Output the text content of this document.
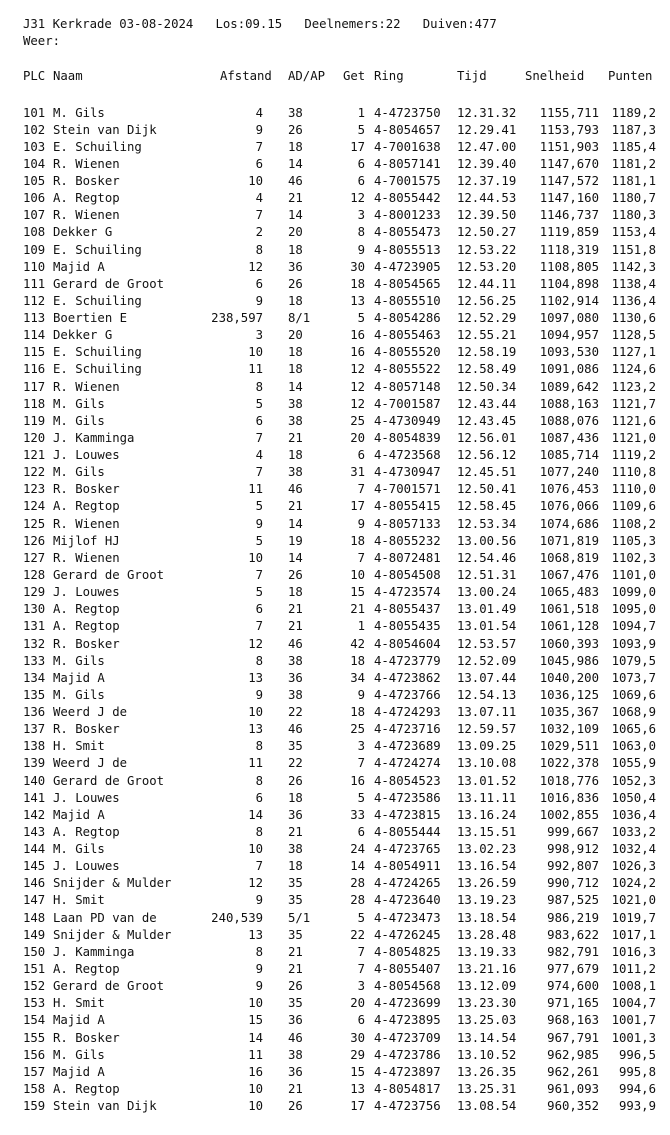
J31 Kerkrade 03-08-2024   Los:09.15   Deelnemers:22   Duiven:477
Weer:
PLC Naam	Afstand AD/AP Get Ring	Tijd	Snelheid Punten
101 M. Gils	4 38	1 4-4723750 12.31.32 1155,711 1189,2
102 Stein van Dijk	9 26	5 4-8054657 12.29.41 1153,793 1187,3
103 E. Schuiling	7 18	17 4-7001638 12.47.00 1151,903 1185,4
104 R. Wienen	6 14	6 4-8057141 12.39.40 1147,670 1181,2
105 R. Bosker	10 46	6 4-7001575 12.37.19 1147,572 1181,1
106 A. Regtop	4 21	12 4-8055442 12.44.53 1147,160 1180,7
107 R. Wienen	7 14	3 4-8001233 12.39.50 1146,737 1180,3
108 Dekker G	2 20	8 4-8055473 12.50.27 1119,859 1153,4
109 E. Schuiling	8 18	9 4-8055513 12.53.22 1118,319 1151,8
110 Majid A	12 36	30 4-4723905 12.53.20 1108,805 1142,3
111 Gerard de Groot	6 26	18 4-8054565 12.44.11 1104,898 1138,4
112 E. Schuiling	9 18	13 4-8055510 12.56.25 1102,914 1136,4
113 Boertien E	238,597 8/1	5 4-8054286 12.52.29 1097,080 1130,6
114 Dekker G	3 20	16 4-8055463 12.55.21 1094,957 1128,5
115 E. Schuiling	10 18	16 4-8055520 12.58.19 1093,530 1127,1
116 E. Schuiling	11 18	12 4-8055522 12.58.49 1091,086 1124,6
117 R. Wienen	8 14	12 4-8057148 12.50.34 1089,642 1123,2
118 M. Gils	5 38	12 4-7001587 12.43.44 1088,163 1121,7
119 M. Gils	6 38	25 4-4730949 12.43.45 1088,076 1121,6
120 J. Kamminga	7 21	20 4-8054839 12.56.01 1087,436 1121,0
121 J. Louwes	4 18	6 4-4723568 12.56.12 1085,714 1119,2
122 M. Gils	7 38	31 4-4730947 12.45.51 1077,240 1110,8
123 R. Bosker	11 46	7 4-7001571 12.50.41 1076,453 1110,0
124 A. Regtop	5 21	17 4-8055415 12.58.45 1076,066 1109,6
125 R. Wienen	9 14	9 4-8057133 12.53.34 1074,686 1108,2
126 Mijlof HJ	5 19	18 4-8055232 13.00.56 1071,819 1105,3
127 R. Wienen	10 14	7 4-8072481 12.54.46 1068,819 1102,3
128 Gerard de Groot	7 26	10 4-8054508 12.51.31 1067,476 1101,0
129 J. Louwes	5 18	15 4-4723574 13.00.24 1065,483 1099,0
130 A. Regtop	6 21	21 4-8055437 13.01.49 1061,518 1095,0
131 A. Regtop	7 21	1 4-8055435 13.01.54 1061,128 1094,7
132 R. Bosker	12 46	42 4-8054604 12.53.57 1060,393 1093,9
133 M. Gils	8 38	18 4-4723779 12.52.09 1045,986 1079,5
134 Majid A	13 36	34 4-4723862 13.07.44 1040,200 1073,7
135 M. Gils	9 38	9 4-4723766 12.54.13 1036,125 1069,6
136 Weerd J de	10 22	18 4-4724293 13.07.11 1035,367 1068,9
137 R. Bosker	13 46	25 4-4723716 12.59.57 1032,109 1065,6
138 H. Smit	8 35	3 4-4723689 13.09.25 1029,511 1063,0
139 Weerd J de	11 22	7 4-4724274 13.10.08 1022,378 1055,9
140 Gerard de Groot	8 26	16 4-8054523 13.01.52 1018,776 1052,3
141 J. Louwes	6 18	5 4-4723586 13.11.11 1016,836 1050,4
142 Majid A	14 36	33 4-4723815 13.16.24 1002,855 1036,4
143 A. Regtop	8 21	6 4-8055444 13.15.51	999,667 1033,2
144 M. Gils	10 38	24 4-4723765 13.02.23	998,912 1032,4
145 J. Louwes	7 18	14 4-8054911 13.16.54	992,807 1026,3
146 Snijder & Mulder	12 35	28 4-4724265 13.26.59	990,712 1024,2
147 H. Smit	9 35	28 4-4723640 13.19.23	987,525 1021,0
148 Laan PD van de	240,539 5/1	5 4-4723473 13.18.54	986,219 1019,7
149 Snijder & Mulder	13 35	22 4-4726245 13.28.48	983,622 1017,1
150 J. Kamminga	8 21	7 4-8054825 13.19.33	982,791 1016,3
151 A. Regtop	9 21	7 4-8055407 13.21.16	977,679 1011,2
152 Gerard de Groot	9 26	3 4-8054568 13.12.09	974,600 1008,1
153 H. Smit	10 35	20 4-4723699 13.23.30	971,165 1004,7
154 Majid A	15 36	6 4-4723895 13.25.03	968,163 1001,7
155 R. Bosker	14 46	30 4-4723709 13.14.54	967,791 1001,3
156 M. Gils	11 38	29 4-4723786 13.10.52	962,985 996,5
157 Majid A	16 36	15 4-4723897 13.26.35	962,261 995,8
158 A. Regtop	10 21	13 4-8054817 13.25.31	961,093 994,6
159 Stein van Dijk	10 26	17 4-4723756 13.08.54	960,352 993,9
